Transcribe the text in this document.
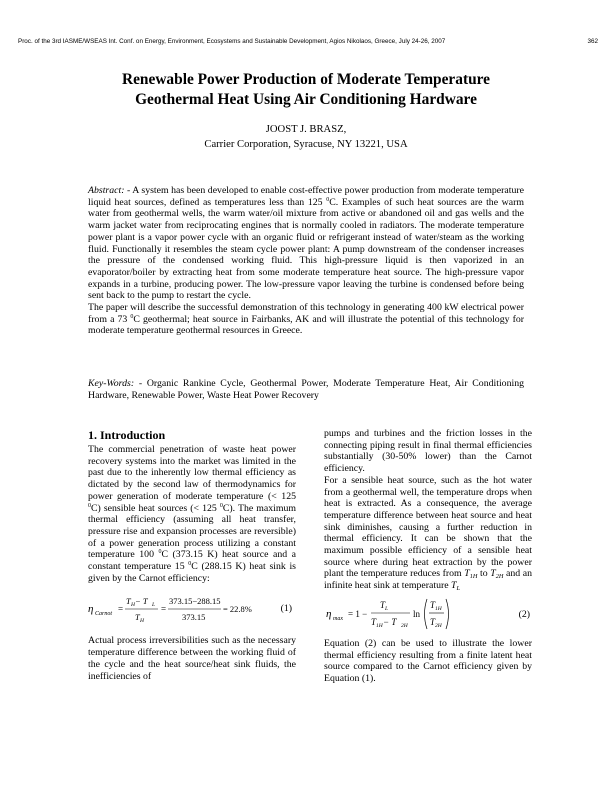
Proc. of the 3rd IASME/WSEAS Int. Conf. on Energy, Environment, Ecosystems and Sustainable Development, Agios Nikolaos, Greece, July 24-26, 2007	362
Renewable Power Production of Moderate Temperature
Geothermal Heat Using Air Conditioning Hardware
JOOST J. BRASZ,
Carrier Corporation, Syracuse, NY 13221, USA

Abstract: - A system has been developed to enable cost-effective power production from moderate temperature liquid heat sources, defined as temperatures less than 125 $^0$C. Examples of such heat sources are the warm water from geothermal wells, the warm water/oil mixture from active or abandoned oil and gas wells and the warm jacket water from reciprocating engines that is normally cooled in radiators. The moderate temperature power plant is a vapor power cycle with an organic fluid or refrigerant instead of water/steam as the working fluid. Functionally it resembles the steam cycle power plant: A pump downstream of the condenser increases the pressure of the condensed working fluid. This high-pressure liquid is then vaporized in an evaporator/boiler by extracting heat from some moderate temperature heat source. The high-pressure vapor expands in a turbine, producing power. The low-pressure vapor leaving the turbine is condensed before being sent back to the pump to restart the cycle.

The paper will describe the successful demonstration of this technology in generating 400 kW electrical power from a 73 $^0$C geothermal; heat source in Fairbanks, AK and will illustrate the potential of this technology for moderate temperature geothermal resources in Greece.

Key-Words: - Organic Rankine Cycle, Geothermal Power, Moderate Temperature Heat, Air Conditioning Hardware, Renewable Power, Waste Heat Power Recovery
1. Introduction

The commercial penetration of waste heat power recovery systems into the market was limited in the past due to the inherently low thermal efficiency as dictated by the second law of thermodynamics for power generation of moderate temperature (< 125 $^0$C) sensible heat sources (< 125 $^0$C). The maximum thermal efficiency (assuming all heat transfer, pressure rise and expansion processes are reversible) of a power generation process utilizing a constant temperature 100 $^0$C (373.15 K) heat source and a constant temperature 15 $^0$C (288.15 K) heat sink is given by the Carnot efficiency:

η Carnot =
T H − T L
T H
=
373.15−288.15
373.15
= 22.8%	(1)

Actual process irreversibilities such as the necessary temperature difference between the working fluid of the cycle and the heat source/heat sink fluids, the inefficiencies of

pumps and turbines and the friction losses in the connecting piping result in final thermal efficiencies substantially (30-50% lower) than the Carnot efficiency.

For a sensible heat source, such as the hot water from a geothermal well, the temperature drops when heat is extracted. As a consequence, the average temperature difference between heat source and heat sink diminishes, causing a further reduction in thermal efficiency. It can be shown that the maximum possible efficiency of a sensible heat source where during heat extraction by the power plant the temperature reduces from $T_{1H}$ to $T_{2H}$ and an infinite heat sink at temperature $T_L$

η max = 1 −
T L
T 1H − T 2H
ln
T 1H
T 2H
(2)

Equation (2) can be used to illustrate the lower thermal efficiency resulting from a finite latent heat source compared to the Carnot efficiency given by Equation (1).
